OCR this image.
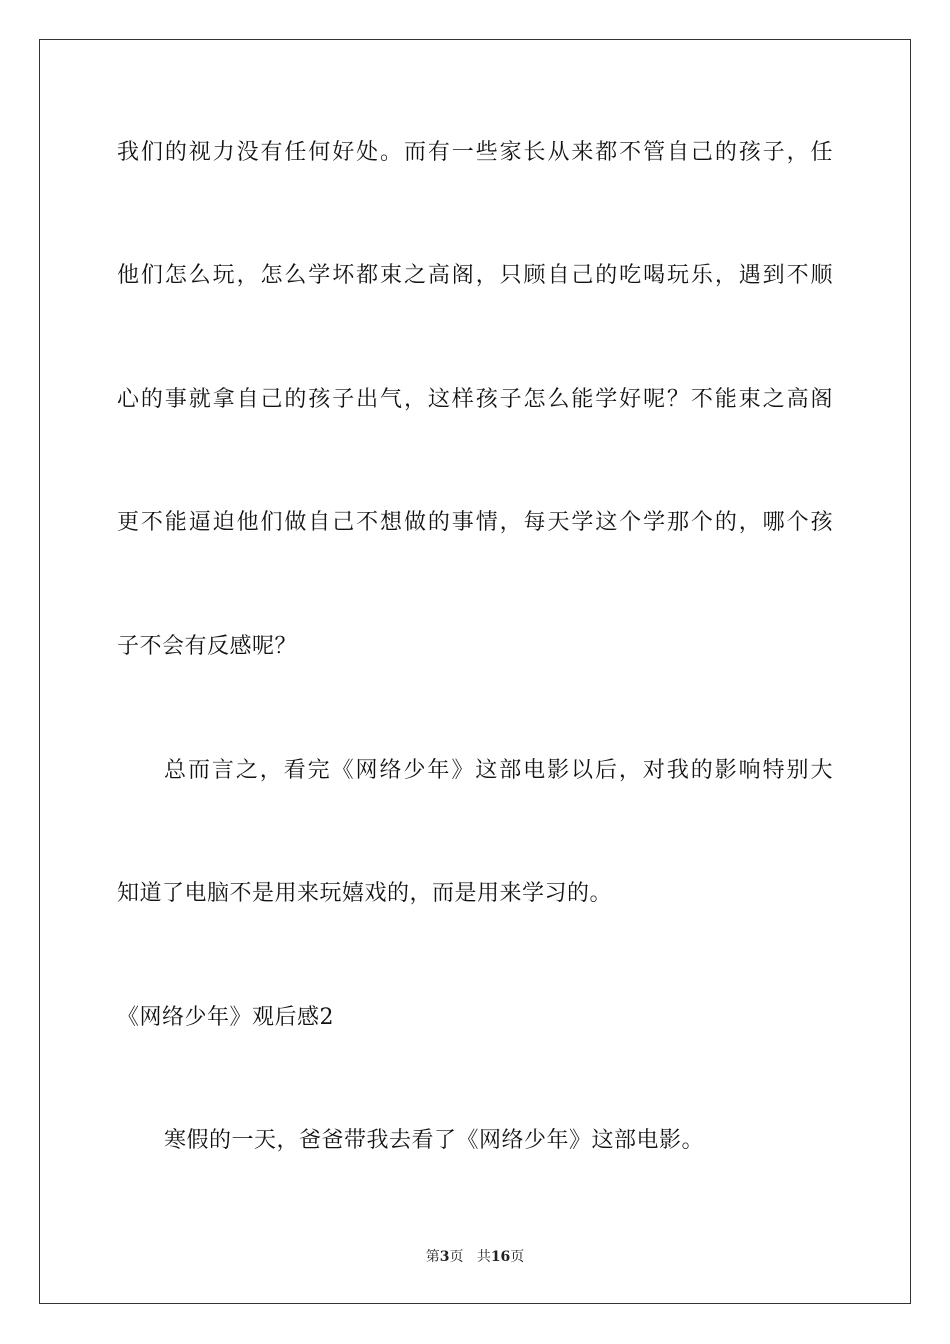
我们的视力没有任何好处。而有一些家长从来都不管自己的孩子，任
他们怎么玩，怎么学坏都束之高阁，只顾自己的吃喝玩乐，遇到不顺
心的事就拿自己的孩子出气，这样孩子怎么能学好呢？不能束之高阁
更不能逼迫他们做自己不想做的事情，每天学这个学那个的，哪个孩
子不会有反感呢？
总而言之，看完《网络少年》这部电影以后，对我的影响特别大
知道了电脑不是用来玩嬉戏的，而是用来学习的。
《网络少年》观后感2
寒假的一天，爸爸带我去看了《网络少年》这部电影。
第3页 共16页
